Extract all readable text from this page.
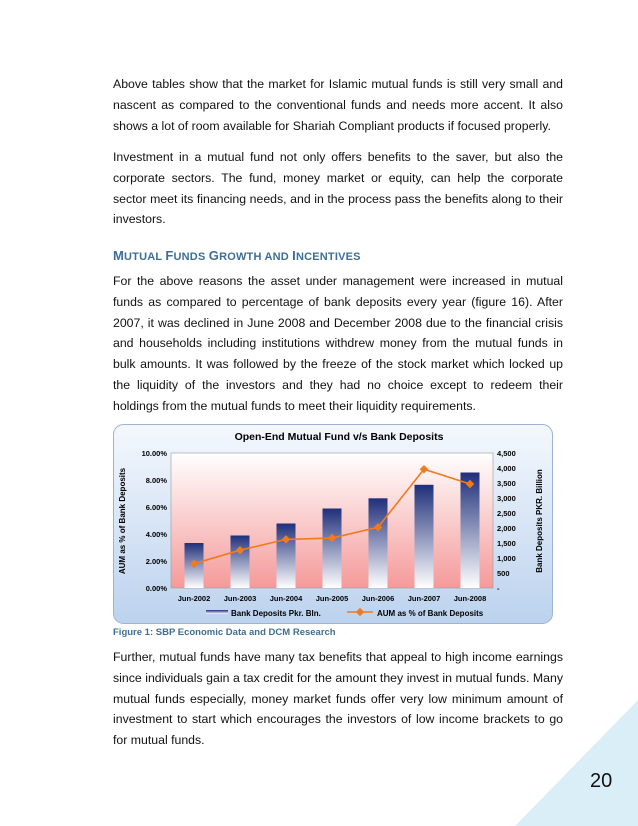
Above tables show that the market for Islamic mutual funds is still very small and nascent as compared to the conventional funds and needs more accent. It also shows a lot of room available for Shariah Compliant products if focused properly.

Investment in a mutual fund not only offers benefits to the saver, but also the corporate sectors. The fund, money market or equity, can help the corporate sector meet its financing needs, and in the process pass the benefits along to their investors.

MUTUAL FUNDS GROWTH AND INCENTIVES

For the above reasons the asset under management were increased in mutual funds as compared to percentage of bank deposits every year (figure 16). After 2007, it was declined in June 2008 and December 2008 due to the financial crisis and households including institutions withdrew money from the mutual funds in bulk amounts. It was followed by the freeze of the stock market which locked up the liquidity of the investors and they had no choice except to redeem their holdings from the mutual funds to meet their liquidity requirements.

Open-End Mutual Fund v/s Bank Deposits
0.00%
2.00%
4.00%
6.00%
8.00%
10.00%
-
500
1,000
1,500
2,000
2,500
3,000
3,500
4,000
4,500
Jun-2002 Jun-2003 Jun-2004 Jun-2005 Jun-2006 Jun-2007 Jun-2008
AUM as % of Bank Deposits	Bank Deposits PKR. Billion
Bank Deposits Pkr. Bln.	AUM as % of Bank Deposits

Figure 1: SBP Economic Data and DCM Research

Further, mutual funds have many tax benefits that appeal to high income earnings since individuals gain a tax credit for the amount they invest in mutual funds. Many mutual funds especially, money market funds offer very low minimum amount of investment to start which encourages the investors of low income brackets to go for mutual funds.

20
